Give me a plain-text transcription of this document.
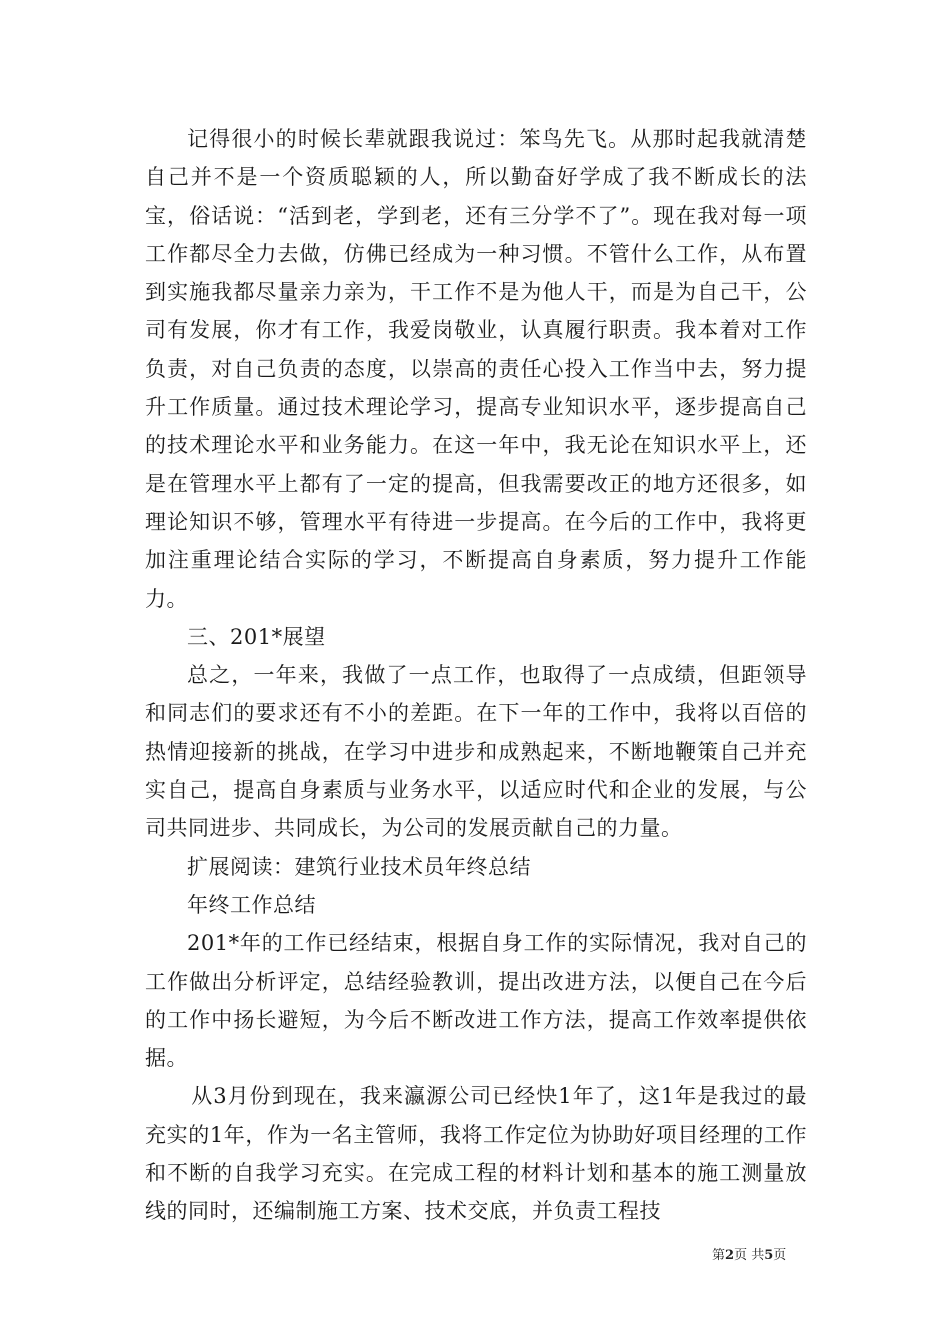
记得很小的时候长辈就跟我说过：笨鸟先飞。从那时起我就清楚自己并不是一个资质聪颖的人，所以勤奋好学成了我不断成长的法宝，俗话说：“活到老，学到老，还有三分学不了”。现在我对每一项工作都尽全力去做，仿佛已经成为一种习惯。不管什么工作，从布置到实施我都尽量亲力亲为，干工作不是为他人干，而是为自己干，公司有发展，你才有工作，我爱岗敬业，认真履行职责。我本着对工作负责，对自己负责的态度，以崇高的责任心投入工作当中去，努力提升工作质量。通过技术理论学习，提高专业知识水平，逐步提高自己的技术理论水平和业务能力。在这一年中，我无论在知识水平上，还是在管理水平上都有了一定的提高，但我需要改正的地方还很多，如理论知识不够，管理水平有待进一步提高。在今后的工作中，我将更加注重理论结合实际的学习，不断提高自身素质，努力提升工作能力。

三、201*展望

总之，一年来，我做了一点工作，也取得了一点成绩，但距领导和同志们的要求还有不小的差距。在下一年的工作中，我将以百倍的热情迎接新的挑战，在学习中进步和成熟起来，不断地鞭策自己并充实自己，提高自身素质与业务水平，以适应时代和企业的发展，与公司共同进步、共同成长，为公司的发展贡献自己的力量。

扩展阅读：建筑行业技术员年终总结

年终工作总结

201*年的工作已经结束，根据自身工作的实际情况，我对自己的工作做出分析评定，总结经验教训，提出改进方法，以便自己在今后的工作中扬长避短，为今后不断改进工作方法，提高工作效率提供依据。

从3月份到现在，我来瀛源公司已经快1年了，这1年是我过的最充实的1年，作为一名主管师，我将工作定位为协助好项目经理的工作和不断的自我学习充实。在完成工程的材料计划和基本的施工测量放线的同时，还编制施工方案、技术交底，并负责工程技

第2页 共5页
